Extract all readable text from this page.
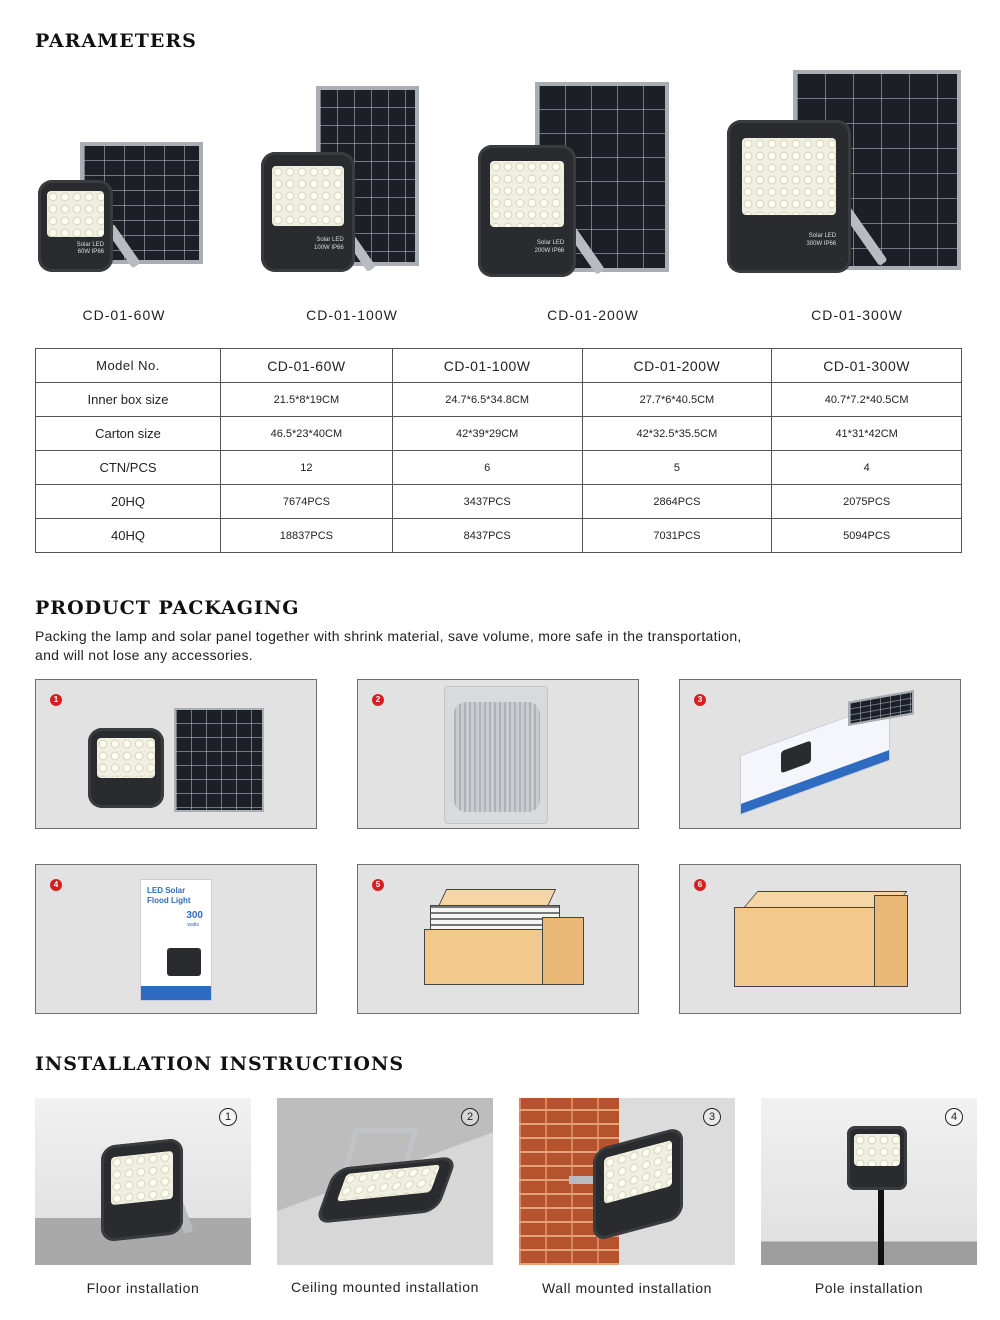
PARAMETERS
Solar LED
60W IP66
CD-01-60W
Solar LED
100W IP66
CD-01-100W
Solar LED
200W IP66
CD-01-200W
Solar LED
300W IP66
CD-01-300W
Model No.	CD-01-60W	CD-01-100W	CD-01-200W	CD-01-300W
Inner box size	21.5*8*19CM	24.7*6.5*34.8CM	27.7*6*40.5CM	40.7*7.2*40.5CM
Carton size	46.5*23*40CM	42*39*29CM	42*32.5*35.5CM	41*31*42CM
CTN/PCS	12	6	5	4
20HQ	7674PCS	3437PCS	2864PCS	2075PCS
40HQ	18837PCS	8437PCS	7031PCS	5094PCS
PRODUCT PACKAGING
Packing the lamp and solar panel together with shrink material, save volume, more safe in the transportation,
and will not lose any accessories.
1	2	3
4
LED Solar
Flood Light
300
watts
5	6
INSTALLATION INSTRUCTIONS
1
Floor installation
2
Ceiling mounted installation
3
Wall mounted installation
4
Pole installation
